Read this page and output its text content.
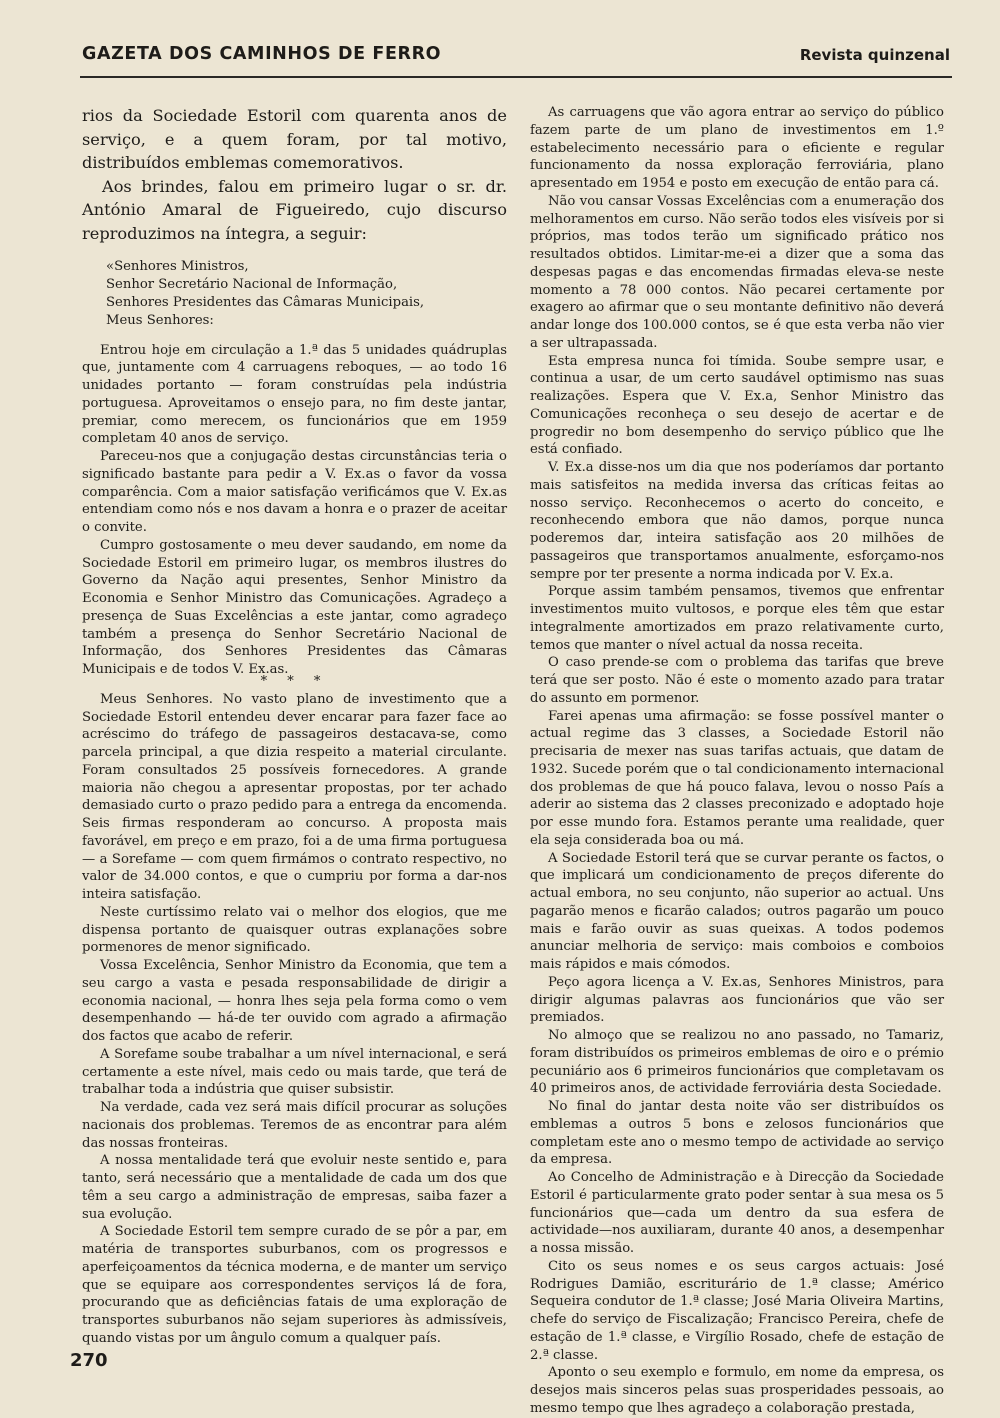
GAZETA DOS CAMINHOS DE FERRO	Revista quinzenal

rios da Sociedade Estoril com quarenta anos de serviço, e a quem foram, por tal motivo, distribuídos emblemas comemorativos.

Aos brindes, falou em primeiro lugar o sr. dr. António Amaral de Figueiredo, cujo discurso reproduzimos na íntegra, a seguir:

«Senhores Ministros,
Senhor Secretário Nacional de Informação,
Senhores Presidentes das Câmaras Municipais,
Meus Senhores:

Entrou hoje em circulação a 1.ª das 5 unidades quádruplas que, juntamente com 4 carruagens reboques, — ao todo 16 unidades portanto — foram construídas pela indústria portuguesa. Aproveitamos o ensejo para, no fim deste jantar, premiar, como merecem, os funcionários que em 1959 completam 40 anos de serviço.

Pareceu-nos que a conjugação destas circunstâncias teria o significado bastante para pedir a V. Ex.as o favor da vossa comparência. Com a maior satisfação verificámos que V. Ex.as entendiam como nós e nos davam a honra e o prazer de aceitar o convite.

Cumpro gostosamente o meu dever saudando, em nome da Sociedade Estoril em primeiro lugar, os membros ilustres do Governo da Nação aqui presentes, Senhor Ministro da Economia e Senhor Ministro das Comunicações. Agradeço a presença de Suas Excelências a este jantar, como agradeço também a presença do Senhor Secretário Nacional de Informação, dos Senhores Presidentes das Câmaras Municipais e de todos V. Ex.as.

* * *

Meus Senhores. No vasto plano de investimento que a Sociedade Estoril entendeu dever encarar para fazer face ao acréscimo do tráfego de passageiros destacava-se, como parcela principal, a que dizia respeito a material circulante. Foram consultados 25 possíveis fornecedores. A grande maioria não chegou a apresentar propostas, por ter achado demasiado curto o prazo pedido para a entrega da encomenda. Seis firmas responderam ao concurso. A proposta mais favorável, em preço e em prazo, foi a de uma firma portuguesa — a Sorefame — com quem firmámos o contrato respectivo, no valor de 34.000 contos, e que o cumpriu por forma a dar-nos inteira satisfação.

Neste curtíssimo relato vai o melhor dos elogios, que me dispensa portanto de quaisquer outras explanações sobre pormenores de menor significado.

Vossa Excelência, Senhor Ministro da Economia, que tem a seu cargo a vasta e pesada responsabilidade de dirigir a economia nacional, — honra lhes seja pela forma como o vem desempenhando — há-de ter ouvido com agrado a afirmação dos factos que acabo de referir.

A Sorefame soube trabalhar a um nível internacional, e será certamente a este nível, mais cedo ou mais tarde, que terá de trabalhar toda a indústria que quiser subsistir.

Na verdade, cada vez será mais difícil procurar as soluções nacionais dos problemas. Teremos de as encontrar para além das nossas fronteiras.

A nossa mentalidade terá que evoluir neste sentido e, para tanto, será necessário que a mentalidade de cada um dos que têm a seu cargo a administração de empresas, saiba fazer a sua evolução.

A Sociedade Estoril tem sempre curado de se pôr a par, em matéria de transportes suburbanos, com os progressos e aperfeiçoamentos da técnica moderna, e de manter um serviço que se equipare aos correspondentes serviços lá de fora, procurando que as deficiências fatais de uma exploração de transportes suburbanos não sejam superiores às admissíveis, quando vistas por um ângulo comum a qualquer país.

As carruagens que vão agora entrar ao serviço do público fazem parte de um plano de investimentos em 1.º estabelecimento necessário para o eficiente e regular funcionamento da nossa exploração ferroviária, plano apresentado em 1954 e posto em execução de então para cá.

Não vou cansar Vossas Excelências com a enumeração dos melhoramentos em curso. Não serão todos eles visíveis por si próprios, mas todos terão um significado prático nos resultados obtidos. Limitar-me-ei a dizer que a soma das despesas pagas e das encomendas firmadas eleva-se neste momento a 78 000 contos. Não pecarei certamente por exagero ao afirmar que o seu montante definitivo não deverá andar longe dos 100.000 contos, se é que esta verba não vier a ser ultrapassada.

Esta empresa nunca foi tímida. Soube sempre usar, e continua a usar, de um certo saudável optimismo nas suas realizações. Espera que V. Ex.a, Senhor Ministro das Comunicações reconheça o seu desejo de acertar e de progredir no bom desempenho do serviço público que lhe está confiado.

V. Ex.a disse-nos um dia que nos poderíamos dar portanto mais satisfeitos na medida inversa das críticas feitas ao nosso serviço. Reconhecemos o acerto do conceito, e reconhecendo embora que não damos, porque nunca poderemos dar, inteira satisfação aos 20 milhões de passageiros que transportamos anualmente, esforçamo-nos sempre por ter presente a norma indicada por V. Ex.a.

Porque assim também pensamos, tivemos que enfrentar investimentos muito vultosos, e porque eles têm que estar integralmente amortizados em prazo relativamente curto, temos que manter o nível actual da nossa receita.

O caso prende-se com o problema das tarifas que breve terá que ser posto. Não é este o momento azado para tratar do assunto em pormenor.

Farei apenas uma afirmação: se fosse possível manter o actual regime das 3 classes, a Sociedade Estoril não precisaria de mexer nas suas tarifas actuais, que datam de 1932. Sucede porém que o tal condicionamento internacional dos problemas de que há pouco falava, levou o nosso País a aderir ao sistema das 2 classes preconizado e adoptado hoje por esse mundo fora. Estamos perante uma realidade, quer ela seja considerada boa ou má.

A Sociedade Estoril terá que se curvar perante os factos, o que implicará um condicionamento de preços diferente do actual embora, no seu conjunto, não superior ao actual. Uns pagarão menos e ficarão calados; outros pagarão um pouco mais e farão ouvir as suas queixas. A todos podemos anunciar melhoria de serviço: mais comboios e comboios mais rápidos e mais cómodos.

Peço agora licença a V. Ex.as, Senhores Ministros, para dirigir algumas palavras aos funcionários que vão ser premiados.

No almoço que se realizou no ano passado, no Tamariz, foram distribuídos os primeiros emblemas de oiro e o prémio pecuniário aos 6 primeiros funcionários que completavam os 40 primeiros anos, de actividade ferroviária desta Sociedade.

No final do jantar desta noite vão ser distribuídos os emblemas a outros 5 bons e zelosos funcionários que completam este ano o mesmo tempo de actividade ao serviço da empresa.

Ao Concelho de Administração e à Direcção da Sociedade Estoril é particularmente grato poder sentar à sua mesa os 5 funcionários que—cada um dentro da sua esfera de actividade—nos auxiliaram, durante 40 anos, a desempenhar a nossa missão.

Cito os seus nomes e os seus cargos actuais: José Rodrigues Damião, escriturário de 1.ª classe; Américo Sequeira condutor de 1.ª classe; José Maria Oliveira Martins, chefe do serviço de Fiscalização; Francisco Pereira, chefe de estação de 1.ª classe, e Virgílio Rosado, chefe de estação de 2.ª classe.

Aponto o seu exemplo e formulo, em nome da empresa, os desejos mais sinceros pelas suas prosperidades pessoais, ao mesmo tempo que lhes agradeço a colaboração prestada,

270
